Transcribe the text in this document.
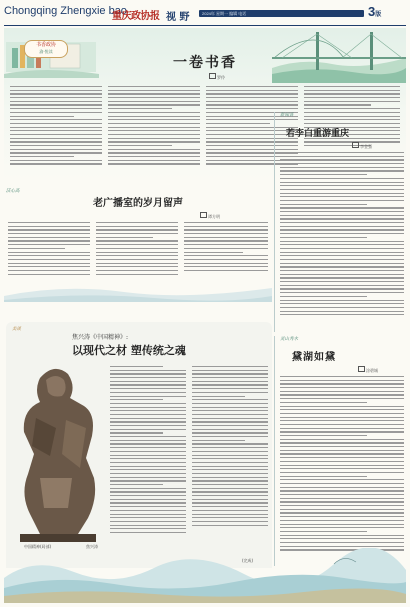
Chongqing Zhengxie bao
重庆政协报 视 野	2024年 星期一 编辑 电话	3版
书香政协
渝·悦读
一卷书香
罗伶
新闻客
若李白重游重庆
李金强
沃心高
老广播室的岁月留声
谭方明
灵山秀水
黛湖如黛
涂碧城
美谈
焦兴涛《中国精神》:
以现代之材 塑传统之魂
中国精神(局部)	焦兴涛
(完成)
